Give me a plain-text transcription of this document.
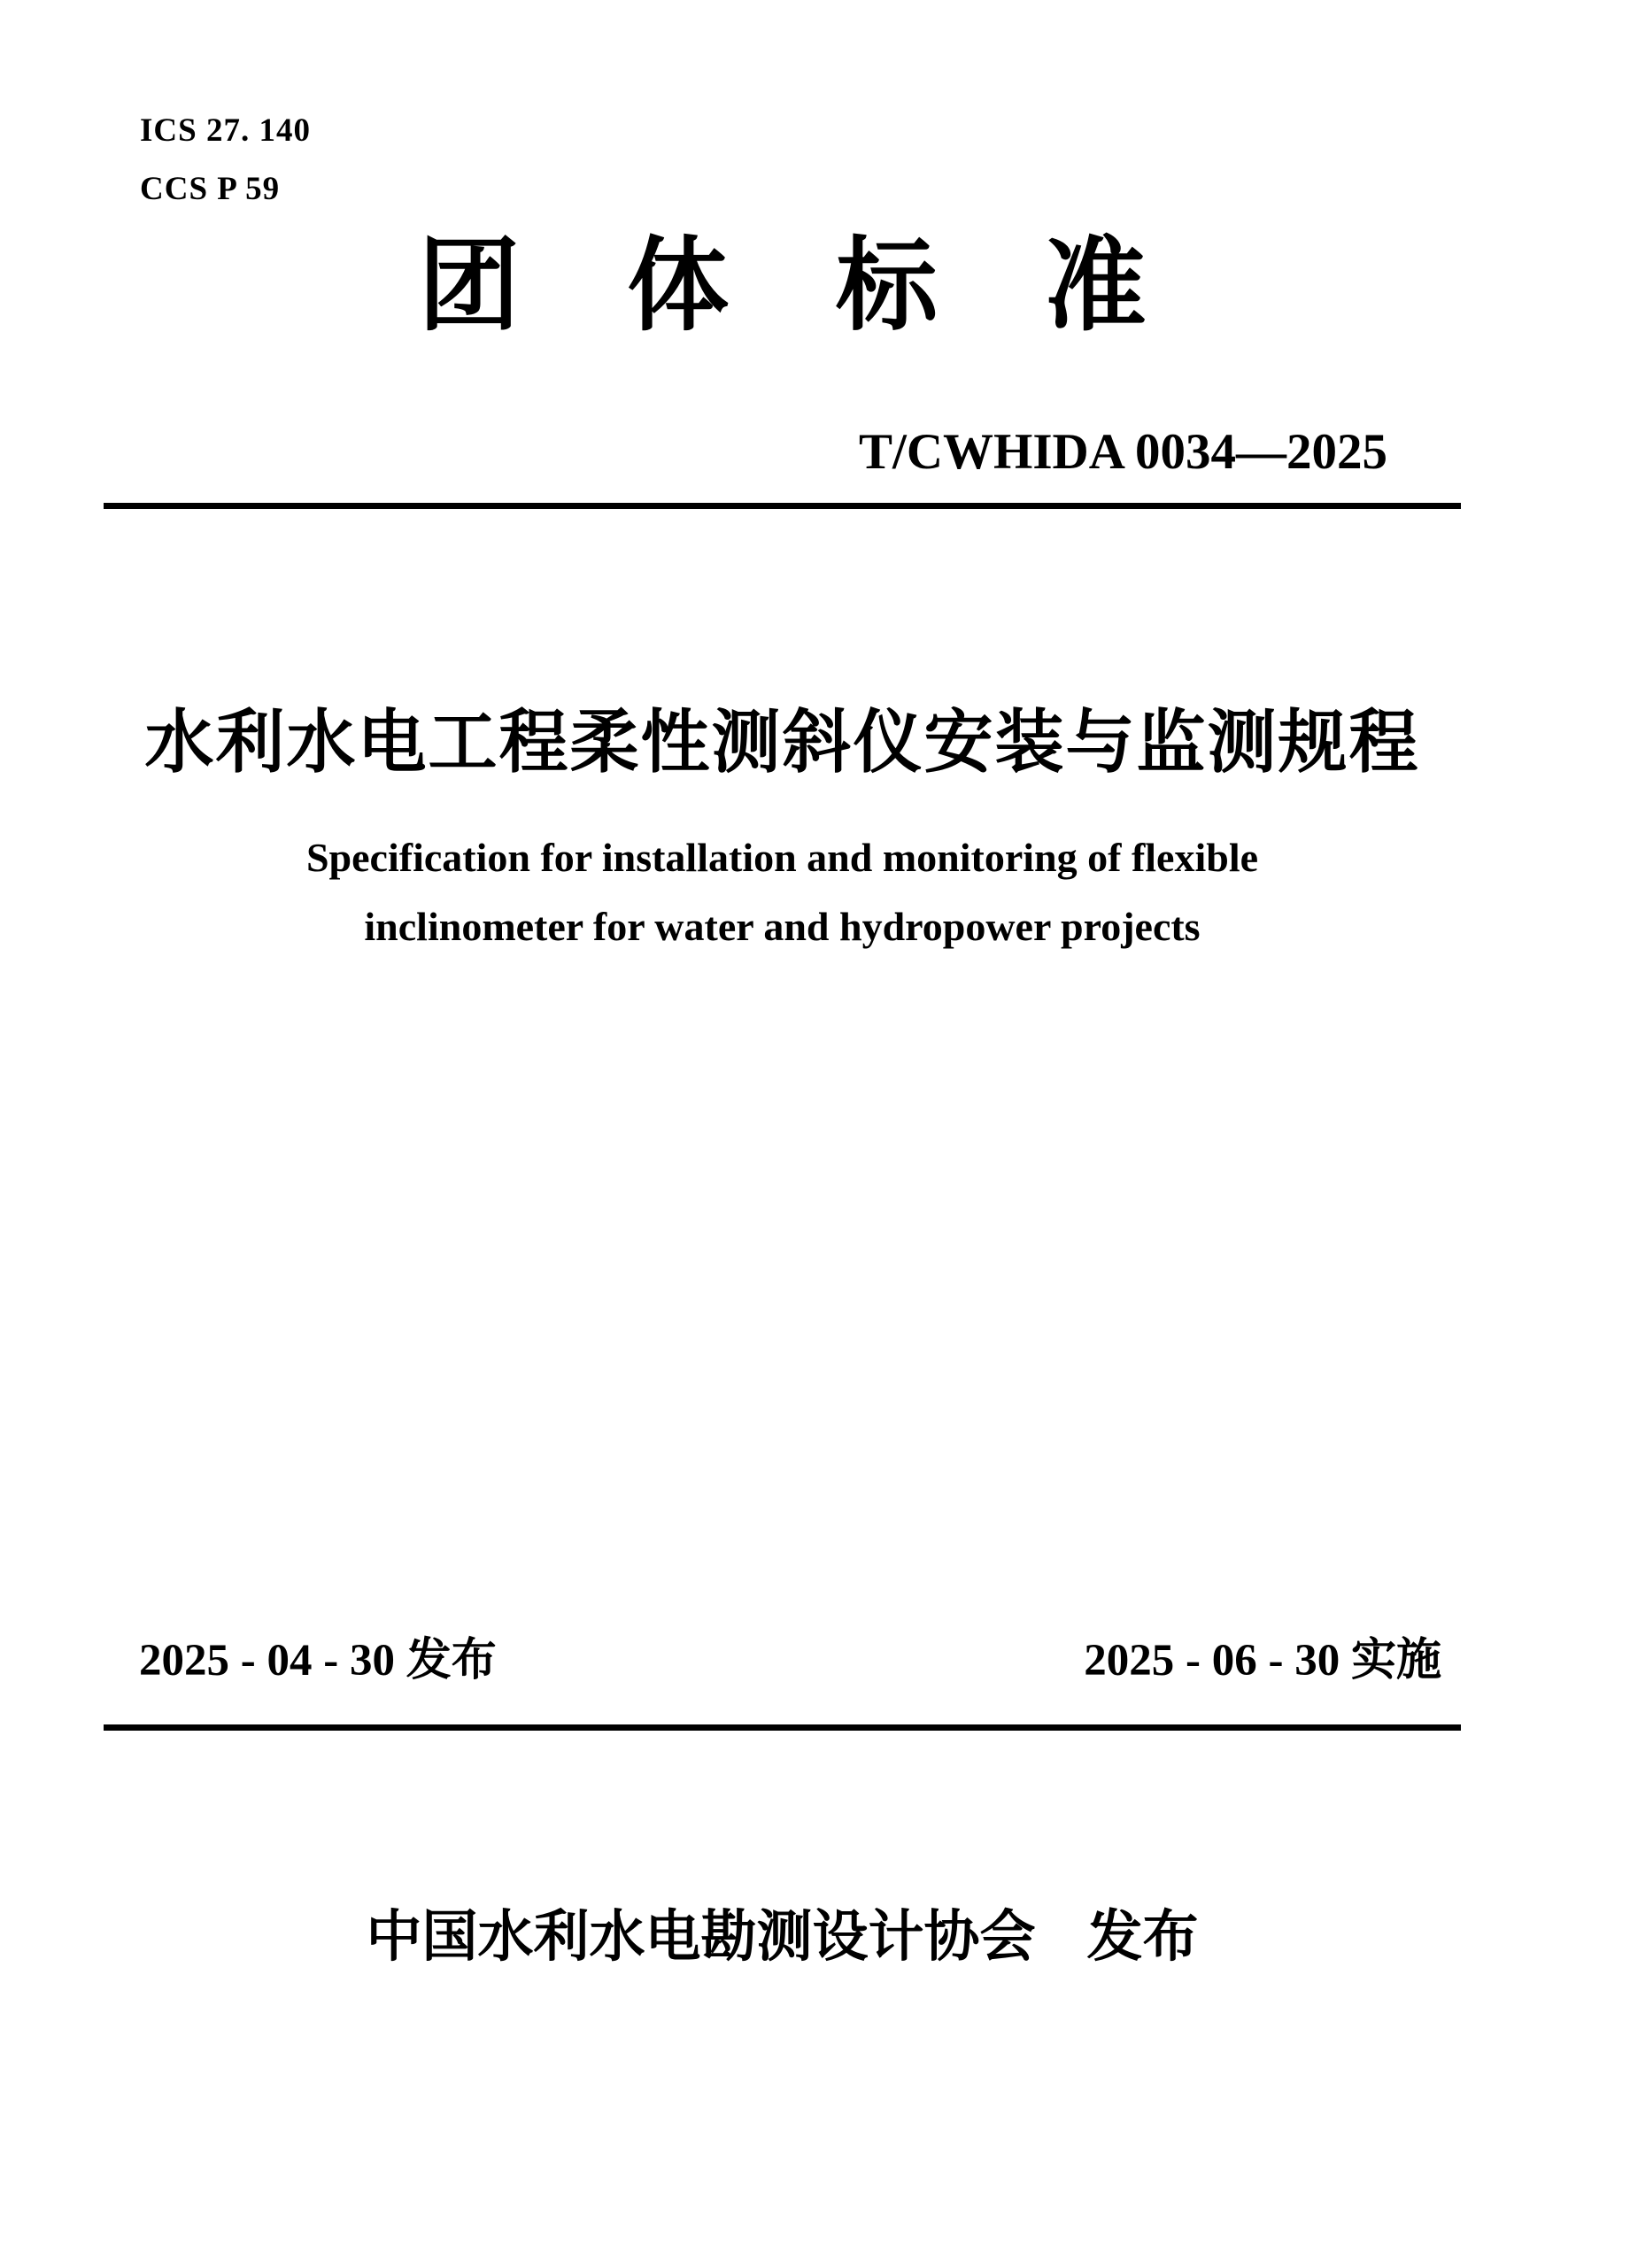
ICS 27. 140
CCS P 59
团体标准
T/CWHIDA 0034—2025
水利水电工程柔性测斜仪安装与监测规程
Specification for installation and monitoring of flexible
inclinometer for water and hydropower projects
2025 - 04 - 30 发布	2025 - 06 - 30 实施
中国水利水电勘测设计协会 发布
